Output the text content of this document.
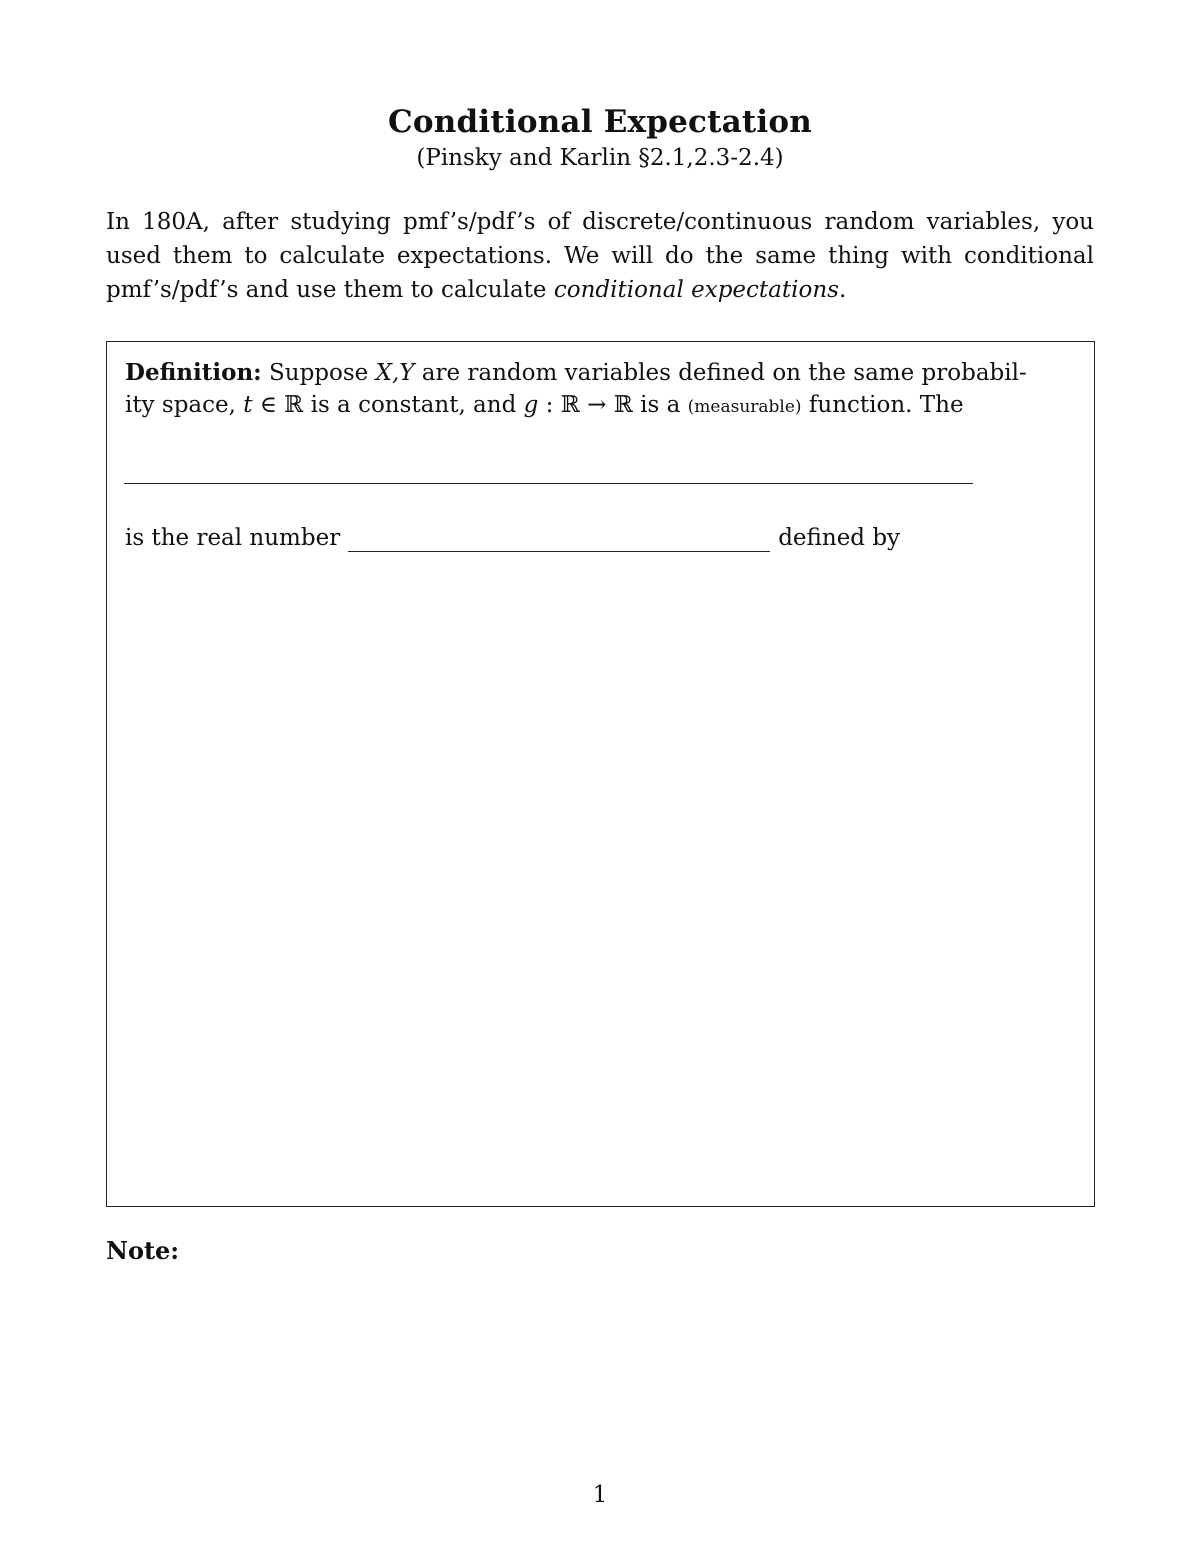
Conditional Expectation
(Pinsky and Karlin §2.1,2.3-2.4)
In 180A, after studying pmf’s/pdf’s of discrete/continuous random variables, you used them to calculate expectations. We will do the same thing with conditional pmf’s/pdf’s and use them to calculate conditional expectations.
Definition: Suppose X,Y are random variables defined on the same probabil-
ity space, t ∈ ℝ is a constant, and g : ℝ → ℝ is a (measurable) function. The
is the real number	defined by
Note:
1
